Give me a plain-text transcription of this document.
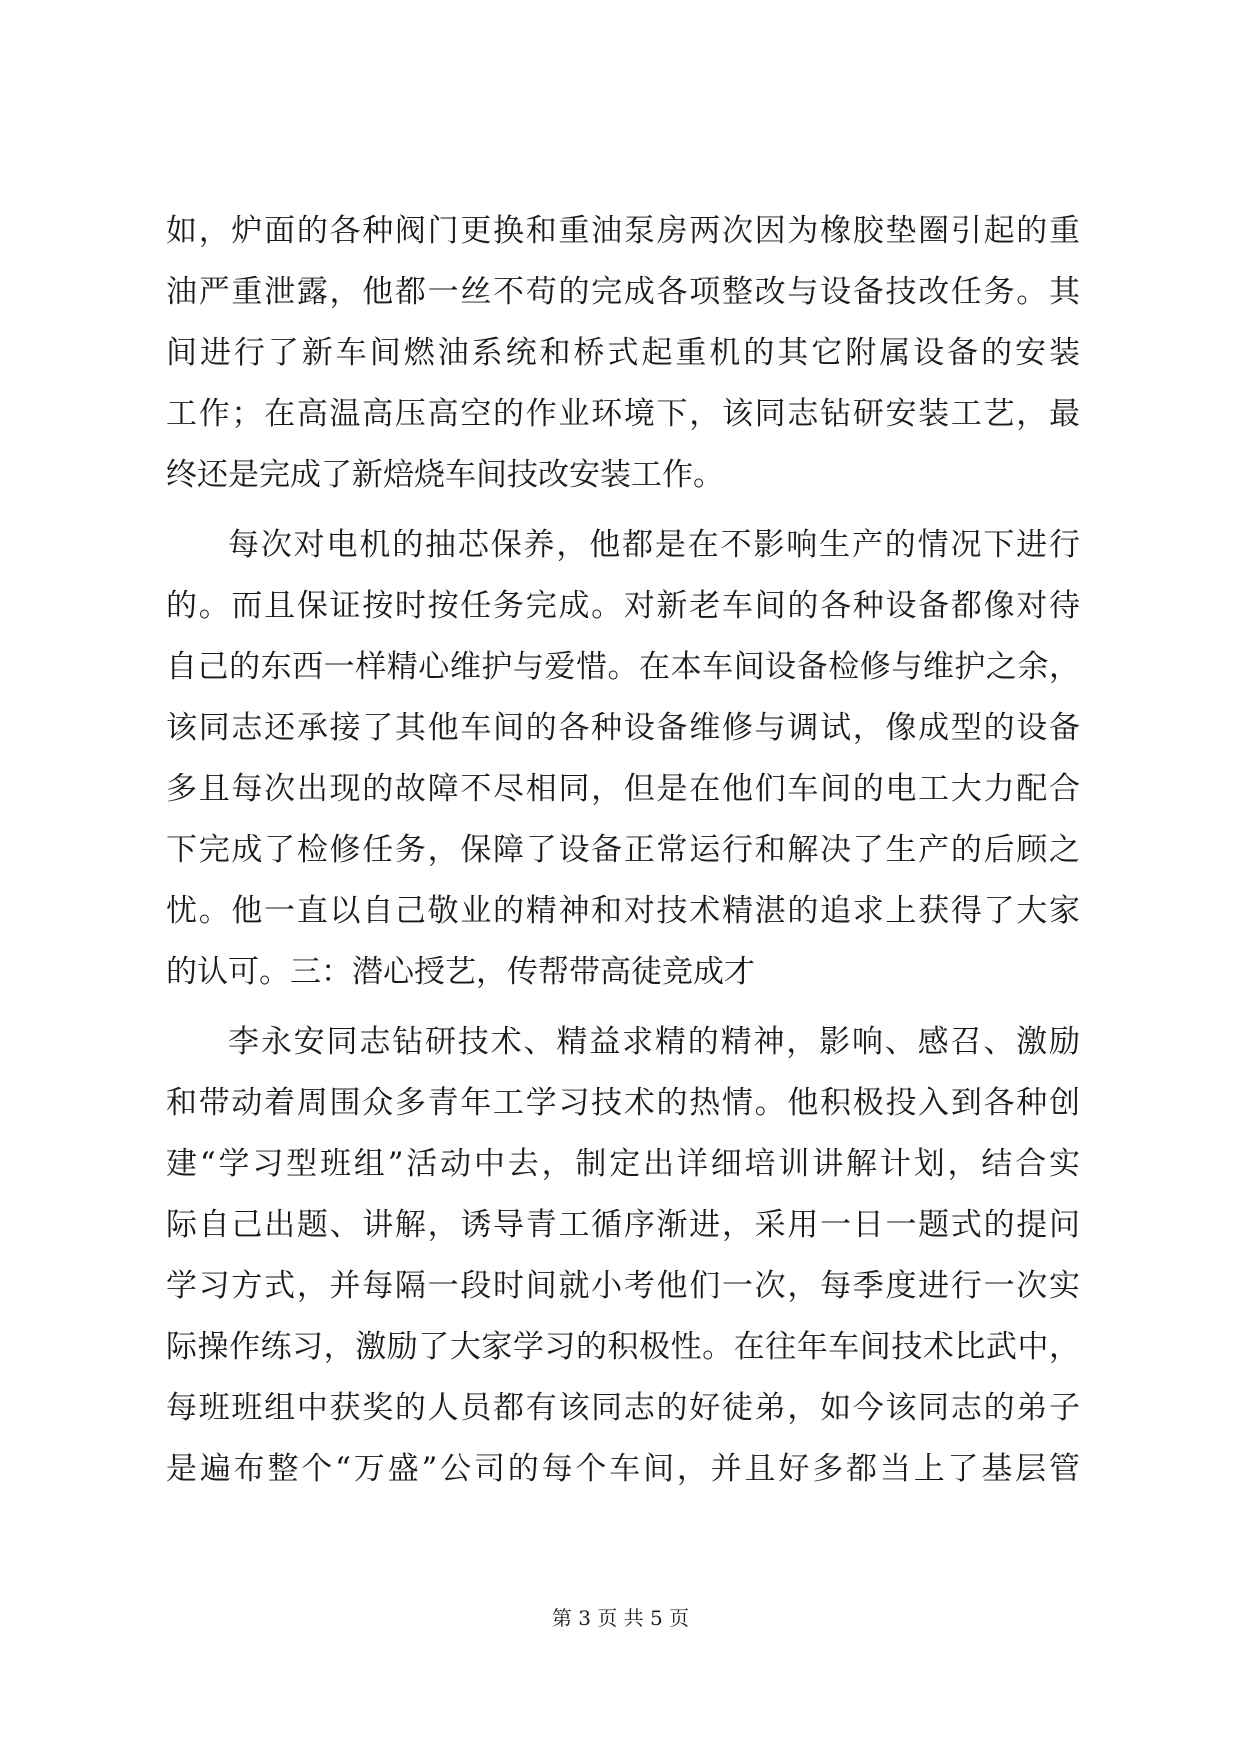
如，炉面的各种阀门更换和重油泵房两次因为橡胶垫圈引起的重
油严重泄露，他都一丝不苟的完成各项整改与设备技改任务。其
间进行了新车间燃油系统和桥式起重机的其它附属设备的安装
工作；在高温高压高空的作业环境下，该同志钻研安装工艺，最
终还是完成了新焙烧车间技改安装工作。
每次对电机的抽芯保养，他都是在不影响生产的情况下进行
的。而且保证按时按任务完成。对新老车间的各种设备都像对待
自己的东西一样精心维护与爱惜。在本车间设备检修与维护之余，
该同志还承接了其他车间的各种设备维修与调试，像成型的设备
多且每次出现的故障不尽相同，但是在他们车间的电工大力配合
下完成了检修任务，保障了设备正常运行和解决了生产的后顾之
忧。他一直以自己敬业的精神和对技术精湛的追求上获得了大家
的认可。三：潜心授艺，传帮带高徒竞成才
李永安同志钻研技术、精益求精的精神，影响、感召、激励
和带动着周围众多青年工学习技术的热情。他积极投入到各种创
建“学习型班组”活动中去，制定出详细培训讲解计划，结合实
际自己出题、讲解，诱导青工循序渐进，采用一日一题式的提问
学习方式，并每隔一段时间就小考他们一次，每季度进行一次实
际操作练习，激励了大家学习的积极性。在往年车间技术比武中，
每班班组中获奖的人员都有该同志的好徒弟，如今该同志的弟子
是遍布整个“万盛”公司的每个车间，并且好多都当上了基层管
第 3 页 共 5 页
